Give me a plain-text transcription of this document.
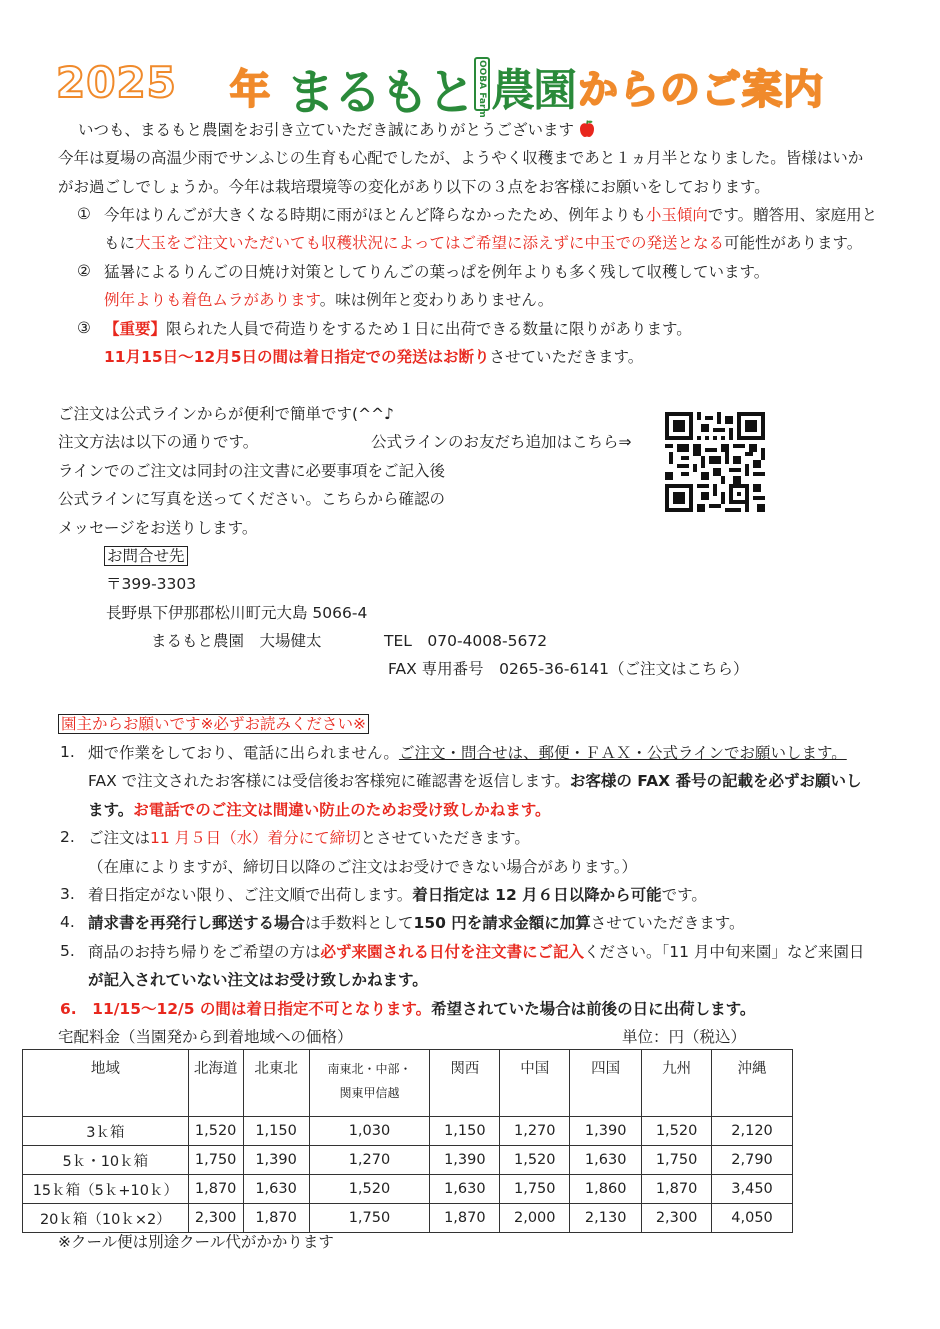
2025 年 まるもと OOBA Farm 農園 からのご案内
いつも、まるもと農園をお引き立ていただき誠にありがとうございます
今年は夏場の高温少雨でサンふじの生育も心配でしたが、ようやく収穫まであと１ヵ月半となりました。皆様はいか
がお過ごしでしょうか。今年は栽培環境等の変化があり以下の３点をお客様にお願いをしております。
① 今年はりんごが大きくなる時期に雨がほとんど降らなかったため、例年よりも小玉傾向です。贈答用、家庭用と
もに大玉をご注文いただいても収穫状況によってはご希望に添えずに中玉での発送となる可能性があります。
② 猛暑によるりんごの日焼け対策としてりんごの葉っぱを例年よりも多く残して収穫しています。
例年よりも着色ムラがあります。味は例年と変わりありません。
③ 【重要】限られた人員で荷造りをするため１日に出荷できる数量に限りがあります。
11月15日～12月5日の間は着日指定での発送はお断りさせていただきます。
ご注文は公式ラインからが便利で簡単です(^^♪
注文方法は以下の通りです。	公式ラインのお友だち追加はこちら⇒
ラインでのご注文は同封の注文書に必要事項をご記入後
公式ラインに写真を送ってください。こちらから確認の
メッセージをお送りします。
お問合せ先
〒399-3303
長野県下伊那郡松川町元大島 5066-4
まるもと農園　大場健太	TEL　070-4008-5672
FAX 専用番号　0265-36-6141（ご注文はこちら）
園主からお願いです※必ずお読みください※
1. 畑で作業をしており、電話に出られません。ご注文・問合せは、郵便・ＦＡＸ・公式ラインでお願いします。
FAX で注文されたお客様には受信後お客様宛に確認書を返信します。お客様の FAX 番号の記載を必ずお願いし
ます。お電話でのご注文は間違い防止のためお受け致しかねます。
2. ご注文は11 月５日（水）着分にて締切とさせていただきます。
（在庫によりますが、締切日以降のご注文はお受けできない場合があります。）
3. 着日指定がない限り、ご注文順で出荷します。着日指定は 12 月６日以降から可能です。
4. 請求書を再発行し郵送する場合は手数料として150 円を請求金額に加算させていただきます。
5. 商品のお持ち帰りをご希望の方は必ず来園される日付を注文書にご記入ください。「11 月中旬来園」など来園日
が記入されていない注文はお受け致しかねます。
6.　11/15～12/5 の間は着日指定不可となります。希望されていた場合は前後の日に出荷します。
宅配料金（当園発から到着地域への価格）	単位：円（税込）
地域	北海道	北東北	南東北・中部・
関東甲信越	関西	中国	四国	九州	沖縄
3ｋ箱	1,520	1,150	1,030	1,150	1,270	1,390	1,520	2,120
5ｋ・10ｋ箱	1,750	1,390	1,270	1,390	1,520	1,630	1,750	2,790
15ｋ箱（5ｋ+10ｋ）	1,870	1,630	1,520	1,630	1,750	1,860	1,870	3,450
20ｋ箱（10ｋ×2）	2,300	1,870	1,750	1,870	2,000	2,130	2,300	4,050
※クール便は別途クール代がかかります
